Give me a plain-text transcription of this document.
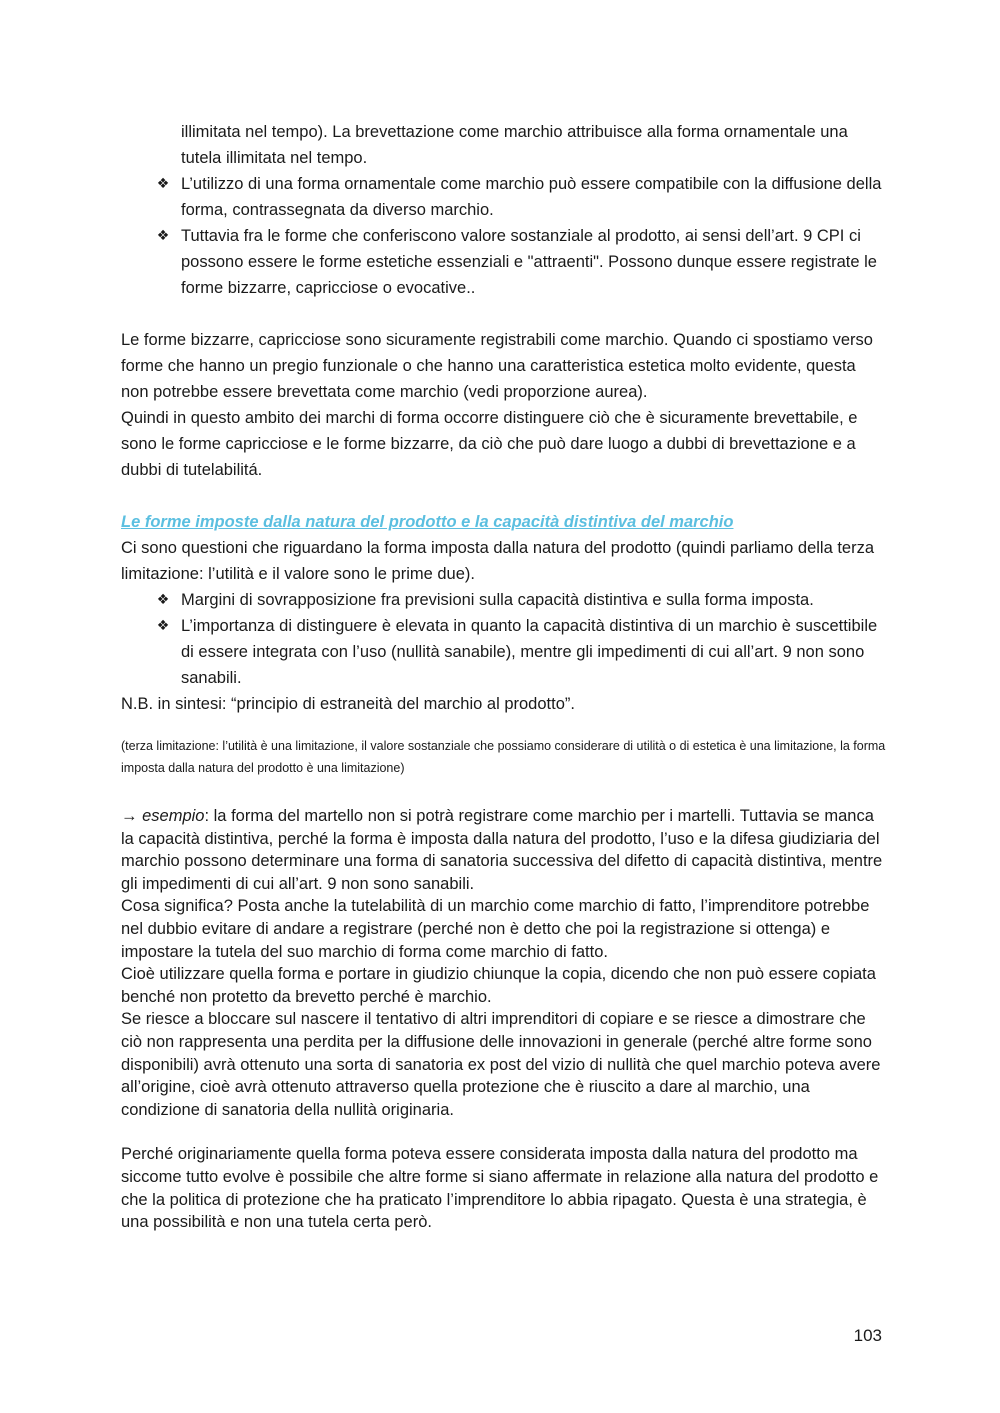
illimitata nel tempo). La brevettazione come marchio attribuisce alla forma ornamentale una tutela illimitata nel tempo.
❖ L’utilizzo di una forma ornamentale come marchio può essere compatibile con la diffusione della forma, contrassegnata da diverso marchio.
❖ Tuttavia fra le forme che conferiscono valore sostanziale al prodotto, ai sensi dell’art. 9 CPI ci possono essere le forme estetiche essenziali e "attraenti". Possono dunque essere registrate le forme bizzarre, capricciose o evocative..

Le forme bizzarre, capricciose sono sicuramente registrabili come marchio. Quando ci spostiamo verso forme che hanno un pregio funzionale o che hanno una caratteristica estetica molto evidente, questa non potrebbe essere brevettata come marchio (vedi proporzione aurea).

Quindi in questo ambito dei marchi di forma occorre distinguere ciò che è sicuramente brevettabile, e sono le forme capricciose e le forme bizzarre, da ciò che può dare luogo a dubbi di brevettazione e a dubbi di tutelabilitá.

Le forme imposte dalla natura del prodotto e la capacità distintiva del marchio

Ci sono questioni che riguardano la forma imposta dalla natura del prodotto (quindi parliamo della terza limitazione: l’utilità e il valore sono le prime due).

❖ Margini di sovrapposizione fra previsioni sulla capacità distintiva e sulla forma imposta.
❖ L’importanza di distinguere è elevata in quanto la capacità distintiva di un marchio è suscettibile di essere integrata con l’uso (nullità sanabile), mentre gli impedimenti di cui all’art. 9 non sono sanabili.

N.B. in sintesi: “principio di estraneità del marchio al prodotto”.

(terza limitazione: l’utilità è una limitazione, il valore sostanziale che possiamo considerare di utilità o di estetica è una limitazione, la forma imposta dalla natura del prodotto è una limitazione)

→ esempio: la forma del martello non si potrà registrare come marchio per i martelli. Tuttavia se manca la capacità distintiva, perché la forma è imposta dalla natura del prodotto, l’uso e la difesa giudiziaria del marchio possono determinare una forma di sanatoria successiva del difetto di capacità distintiva, mentre gli impedimenti di cui all’art. 9 non sono sanabili.

Cosa significa? Posta anche la tutelabilità di un marchio come marchio di fatto, l’imprenditore potrebbe nel dubbio evitare di andare a registrare (perché non è detto che poi la registrazione si ottenga) e impostare la tutela del suo marchio di forma come marchio di fatto.

Cioè utilizzare quella forma e portare in giudizio chiunque la copia, dicendo che non può essere copiata benché non protetto da brevetto perché è marchio.

Se riesce a bloccare sul nascere il tentativo di altri imprenditori di copiare e se riesce a dimostrare che ciò non rappresenta una perdita per la diffusione delle innovazioni in generale (perché altre forme sono disponibili) avrà ottenuto una sorta di sanatoria ex post del vizio di nullità che quel marchio poteva avere all’origine, cioè avrà ottenuto attraverso quella protezione che è riuscito a dare al marchio, una condizione di sanatoria della nullità originaria.

Perché originariamente quella forma poteva essere considerata imposta dalla natura del prodotto ma siccome tutto evolve è possibile che altre forme si siano affermate in relazione alla natura del prodotto e che la politica di protezione che ha praticato l’imprenditore lo abbia ripagato. Questa è una strategia, è una possibilità e non una tutela certa però.

103
